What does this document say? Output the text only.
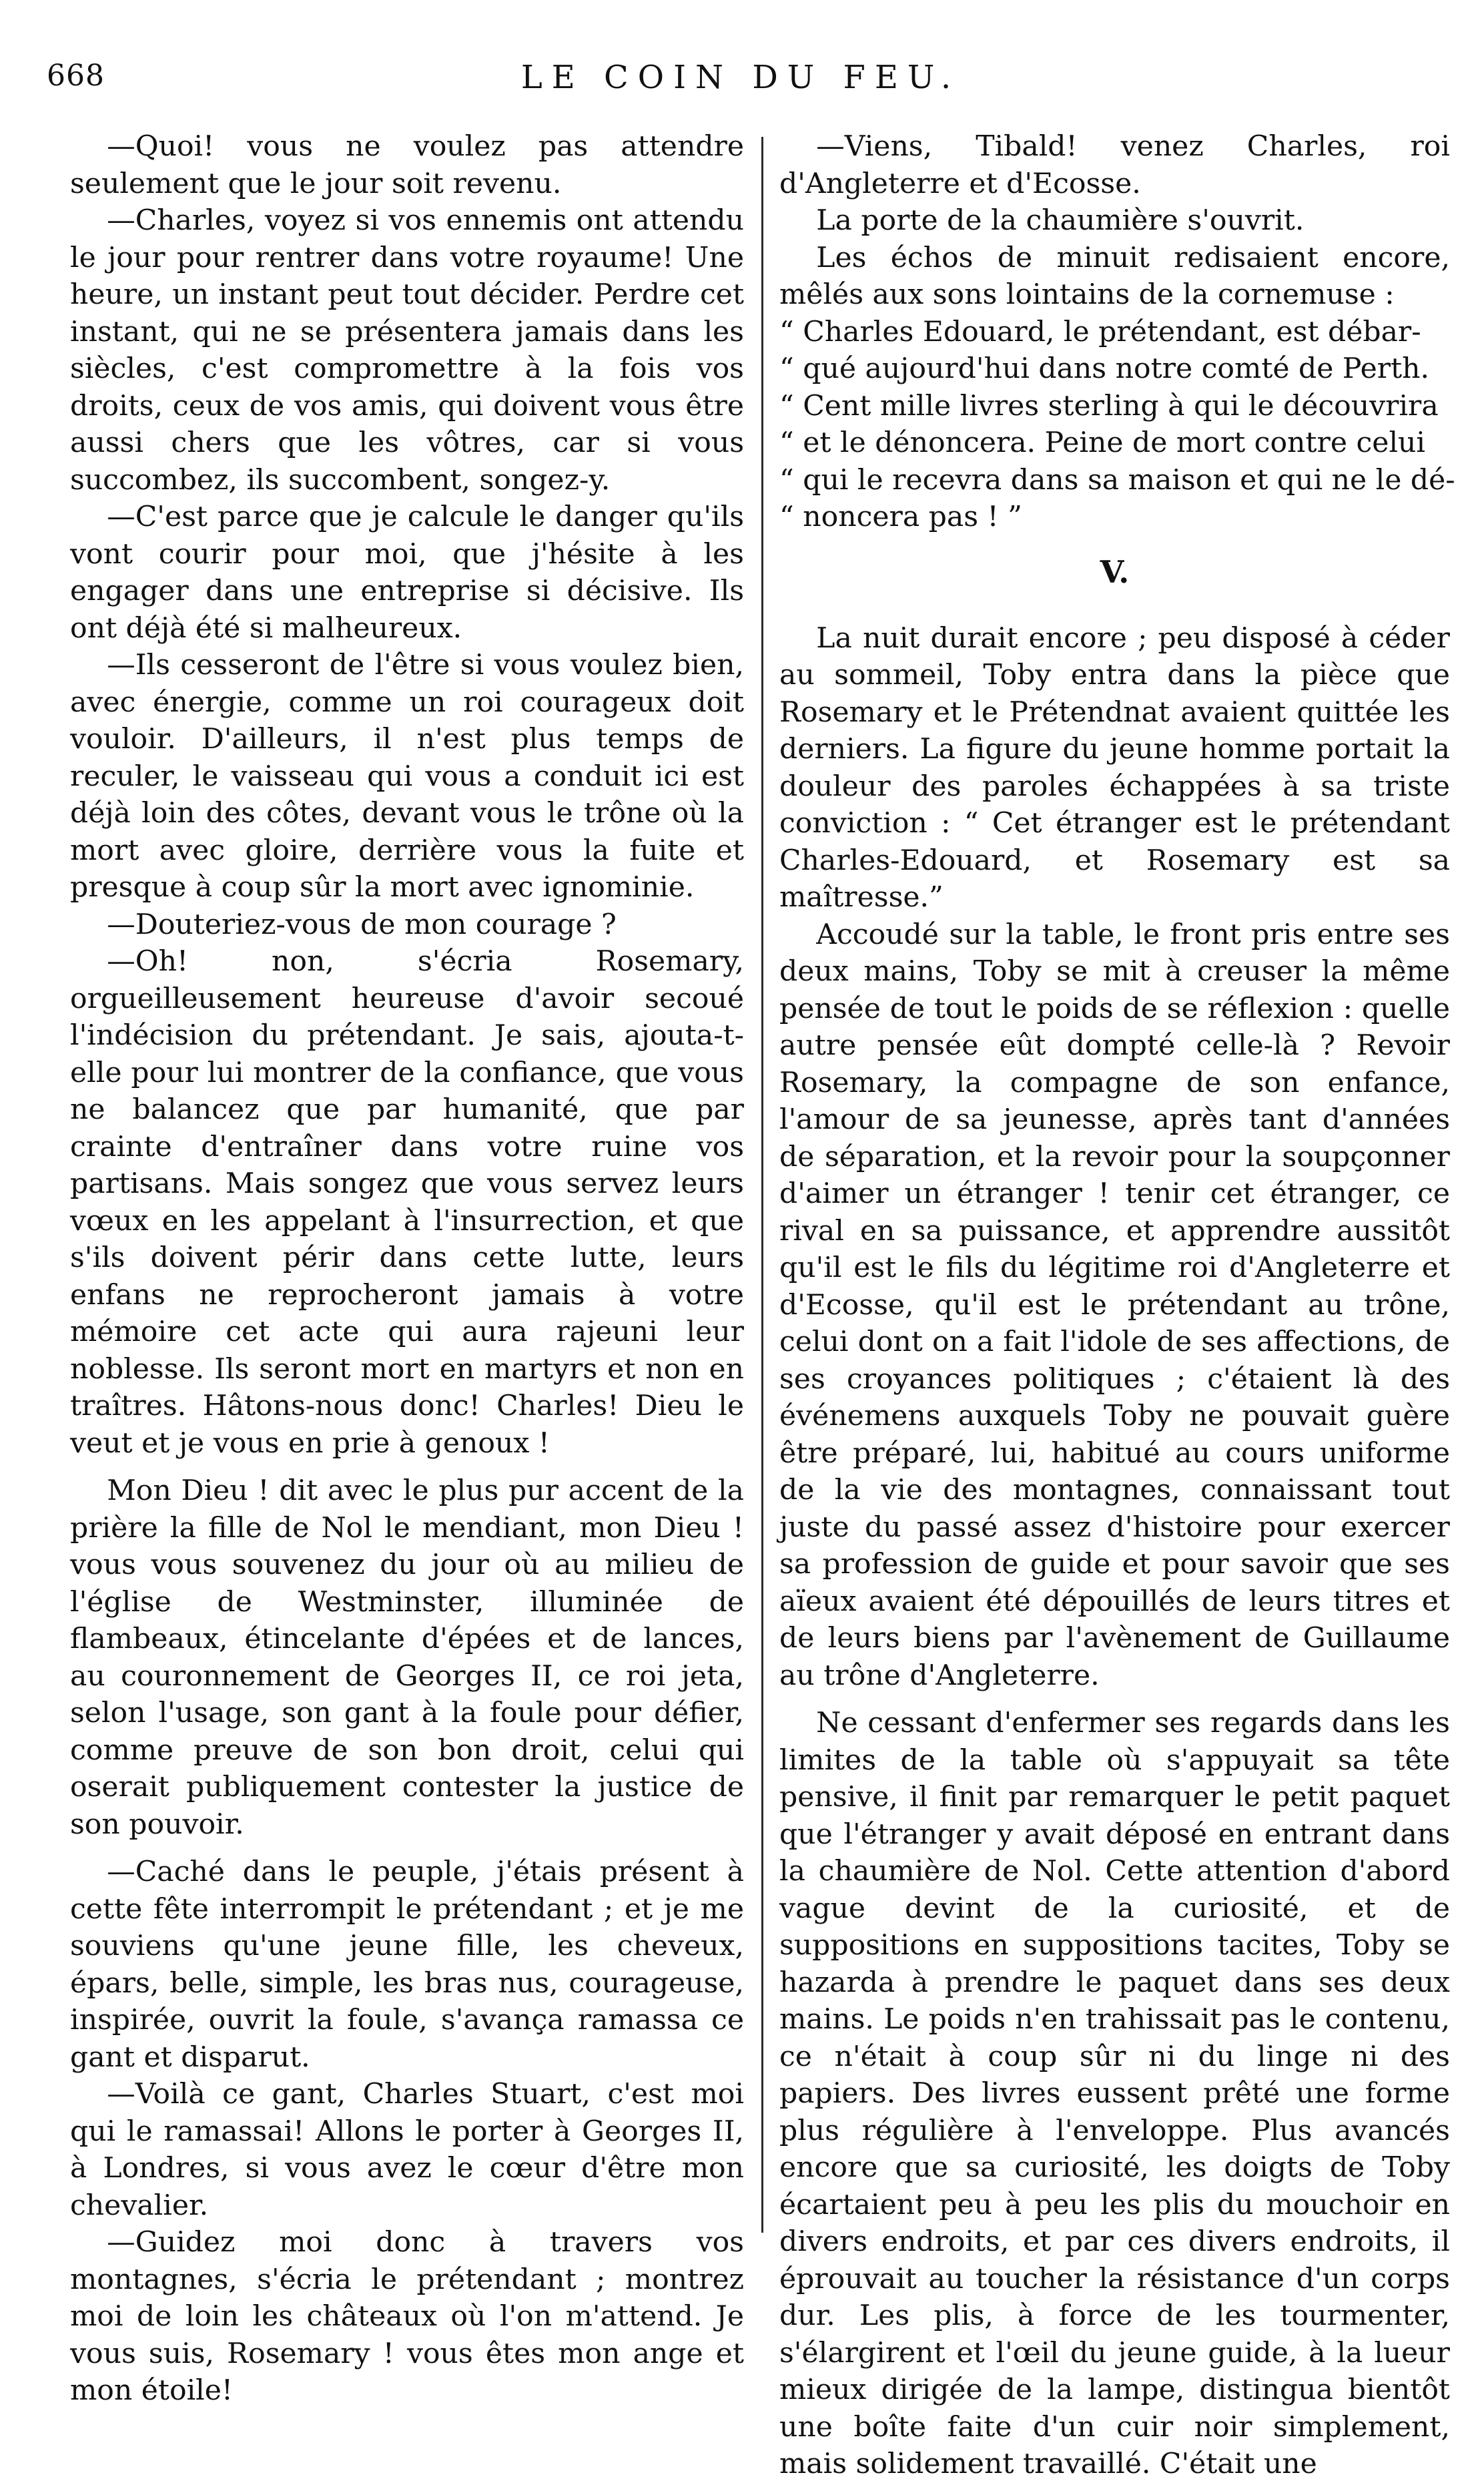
668	LE COIN DU FEU.

—Quoi! vous ne voulez pas attendre seulement que le jour soit revenu.

—Charles, voyez si vos ennemis ont attendu le jour pour rentrer dans votre royaume! Une heure, un instant peut tout décider. Perdre cet instant, qui ne se présentera jamais dans les siècles, c'est compromettre à la fois vos droits, ceux de vos amis, qui doivent vous être aussi chers que les vôtres, car si vous succombez, ils succombent, songez-y.

—C'est parce que je calcule le danger qu'ils vont courir pour moi, que j'hésite à les engager dans une entreprise si décisive. Ils ont déjà été si malheureux.

—Ils cesseront de l'être si vous voulez bien, avec énergie, comme un roi courageux doit vouloir. D'ailleurs, il n'est plus temps de reculer, le vaisseau qui vous a conduit ici est déjà loin des côtes, devant vous le trône où la mort avec gloire, derrière vous la fuite et presque à coup sûr la mort avec ignominie.

—Douteriez-vous de mon courage ?

—Oh! non, s'écria Rosemary, orgueilleusement heureuse d'avoir secoué l'indécision du prétendant. Je sais, ajouta-t-elle pour lui montrer de la confiance, que vous ne balancez que par humanité, que par crainte d'entraîner dans votre ruine vos partisans. Mais songez que vous servez leurs vœux en les appelant à l'insurrection, et que s'ils doivent périr dans cette lutte, leurs enfans ne reprocheront jamais à votre mémoire cet acte qui aura rajeuni leur noblesse. Ils seront mort en martyrs et non en traîtres. Hâtons-nous donc! Charles! Dieu le veut et je vous en prie à genoux !

Mon Dieu ! dit avec le plus pur accent de la prière la fille de Nol le mendiant, mon Dieu ! vous vous souvenez du jour où au milieu de l'église de Westminster, illuminée de flambeaux, étincelante d'épées et de lances, au couronnement de Georges II, ce roi jeta, selon l'usage, son gant à la foule pour défier, comme preuve de son bon droit, celui qui oserait publiquement contester la justice de son pouvoir.

—Caché dans le peuple, j'étais présent à cette fête interrompit le prétendant ; et je me souviens qu'une jeune fille, les cheveux, épars, belle, simple, les bras nus, courageuse, inspirée, ouvrit la foule, s'avança ramassa ce gant et disparut.

—Voilà ce gant, Charles Stuart, c'est moi qui le ramassai! Allons le porter à Georges II, à Londres, si vous avez le cœur d'être mon chevalier.

—Guidez moi donc à travers vos montagnes, s'écria le prétendant ; montrez moi de loin les châteaux où l'on m'attend. Je vous suis, Rosemary ! vous êtes mon ange et mon étoile!

—Viens, Tibald! venez Charles, roi d'Angleterre et d'Ecosse.

La porte de la chaumière s'ouvrit.

Les échos de minuit redisaient encore, mêlés aux sons lointains de la cornemuse :

“ Charles Edouard, le prétendant, est débar-

“ qué aujourd'hui dans notre comté de Perth.

“ Cent mille livres sterling à qui le découvrira

“ et le dénoncera. Peine de mort contre celui

“ qui le recevra dans sa maison et qui ne le dé-

“ noncera pas ! ”

V.

La nuit durait encore ; peu disposé à céder au sommeil, Toby entra dans la pièce que Rosemary et le Prétendnat avaient quittée les derniers. La figure du jeune homme portait la douleur des paroles échappées à sa triste conviction : “ Cet étranger est le prétendant Charles-Edouard, et Rosemary est sa maîtresse.”

Accoudé sur la table, le front pris entre ses deux mains, Toby se mit à creuser la même pensée de tout le poids de se réflexion : quelle autre pensée eût dompté celle-là ? Revoir Rosemary, la compagne de son enfance, l'amour de sa jeunesse, après tant d'années de séparation, et la revoir pour la soupçonner d'aimer un étranger ! tenir cet étranger, ce rival en sa puissance, et apprendre aussitôt qu'il est le fils du légitime roi d'Angleterre et d'Ecosse, qu'il est le prétendant au trône, celui dont on a fait l'idole de ses affections, de ses croyances politiques ; c'étaient là des événemens auxquels Toby ne pouvait guère être préparé, lui, habitué au cours uniforme de la vie des montagnes, connaissant tout juste du passé assez d'histoire pour exercer sa profession de guide et pour savoir que ses aïeux avaient été dépouillés de leurs titres et de leurs biens par l'avènement de Guillaume au trône d'Angleterre.

Ne cessant d'enfermer ses regards dans les limites de la table où s'appuyait sa tête pensive, il finit par remarquer le petit paquet que l'étranger y avait déposé en entrant dans la chaumière de Nol. Cette attention d'abord vague devint de la curiosité, et de suppositions en suppositions tacites, Toby se hazarda à prendre le paquet dans ses deux mains. Le poids n'en trahissait pas le contenu, ce n'était à coup sûr ni du linge ni des papiers. Des livres eussent prêté une forme plus régulière à l'enveloppe. Plus avancés encore que sa curiosité, les doigts de Toby écartaient peu à peu les plis du mouchoir en divers endroits, et par ces divers endroits, il éprouvait au toucher la résistance d'un corps dur. Les plis, à force de les tourmenter, s'élargirent et l'œil du jeune guide, à la lueur mieux dirigée de la lampe, distingua bientôt une boîte faite d'un cuir noir simplement, mais solidement travaillé. C'était une
